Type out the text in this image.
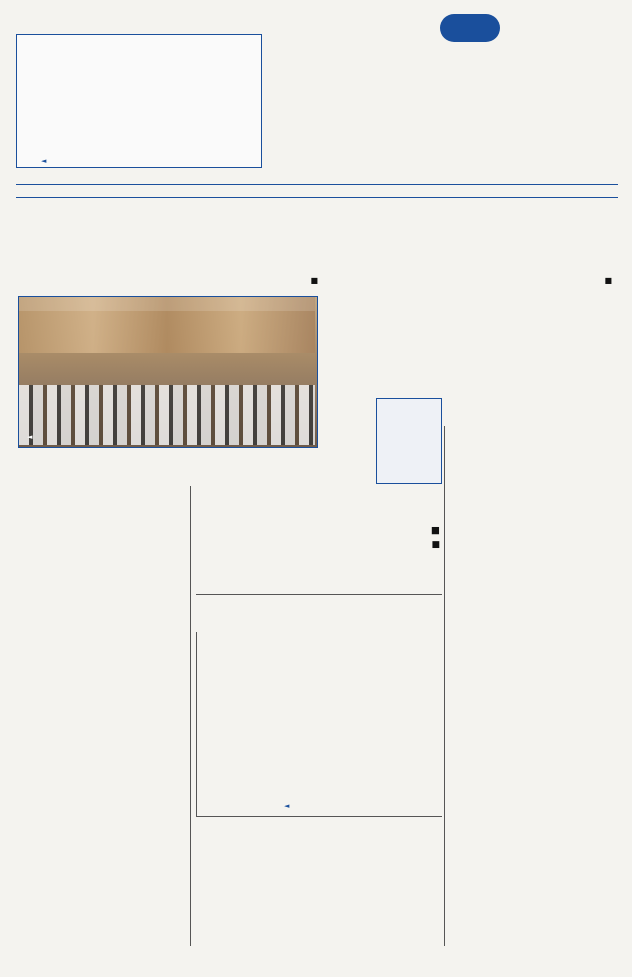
◄
■
■
◄
■
■
◄
